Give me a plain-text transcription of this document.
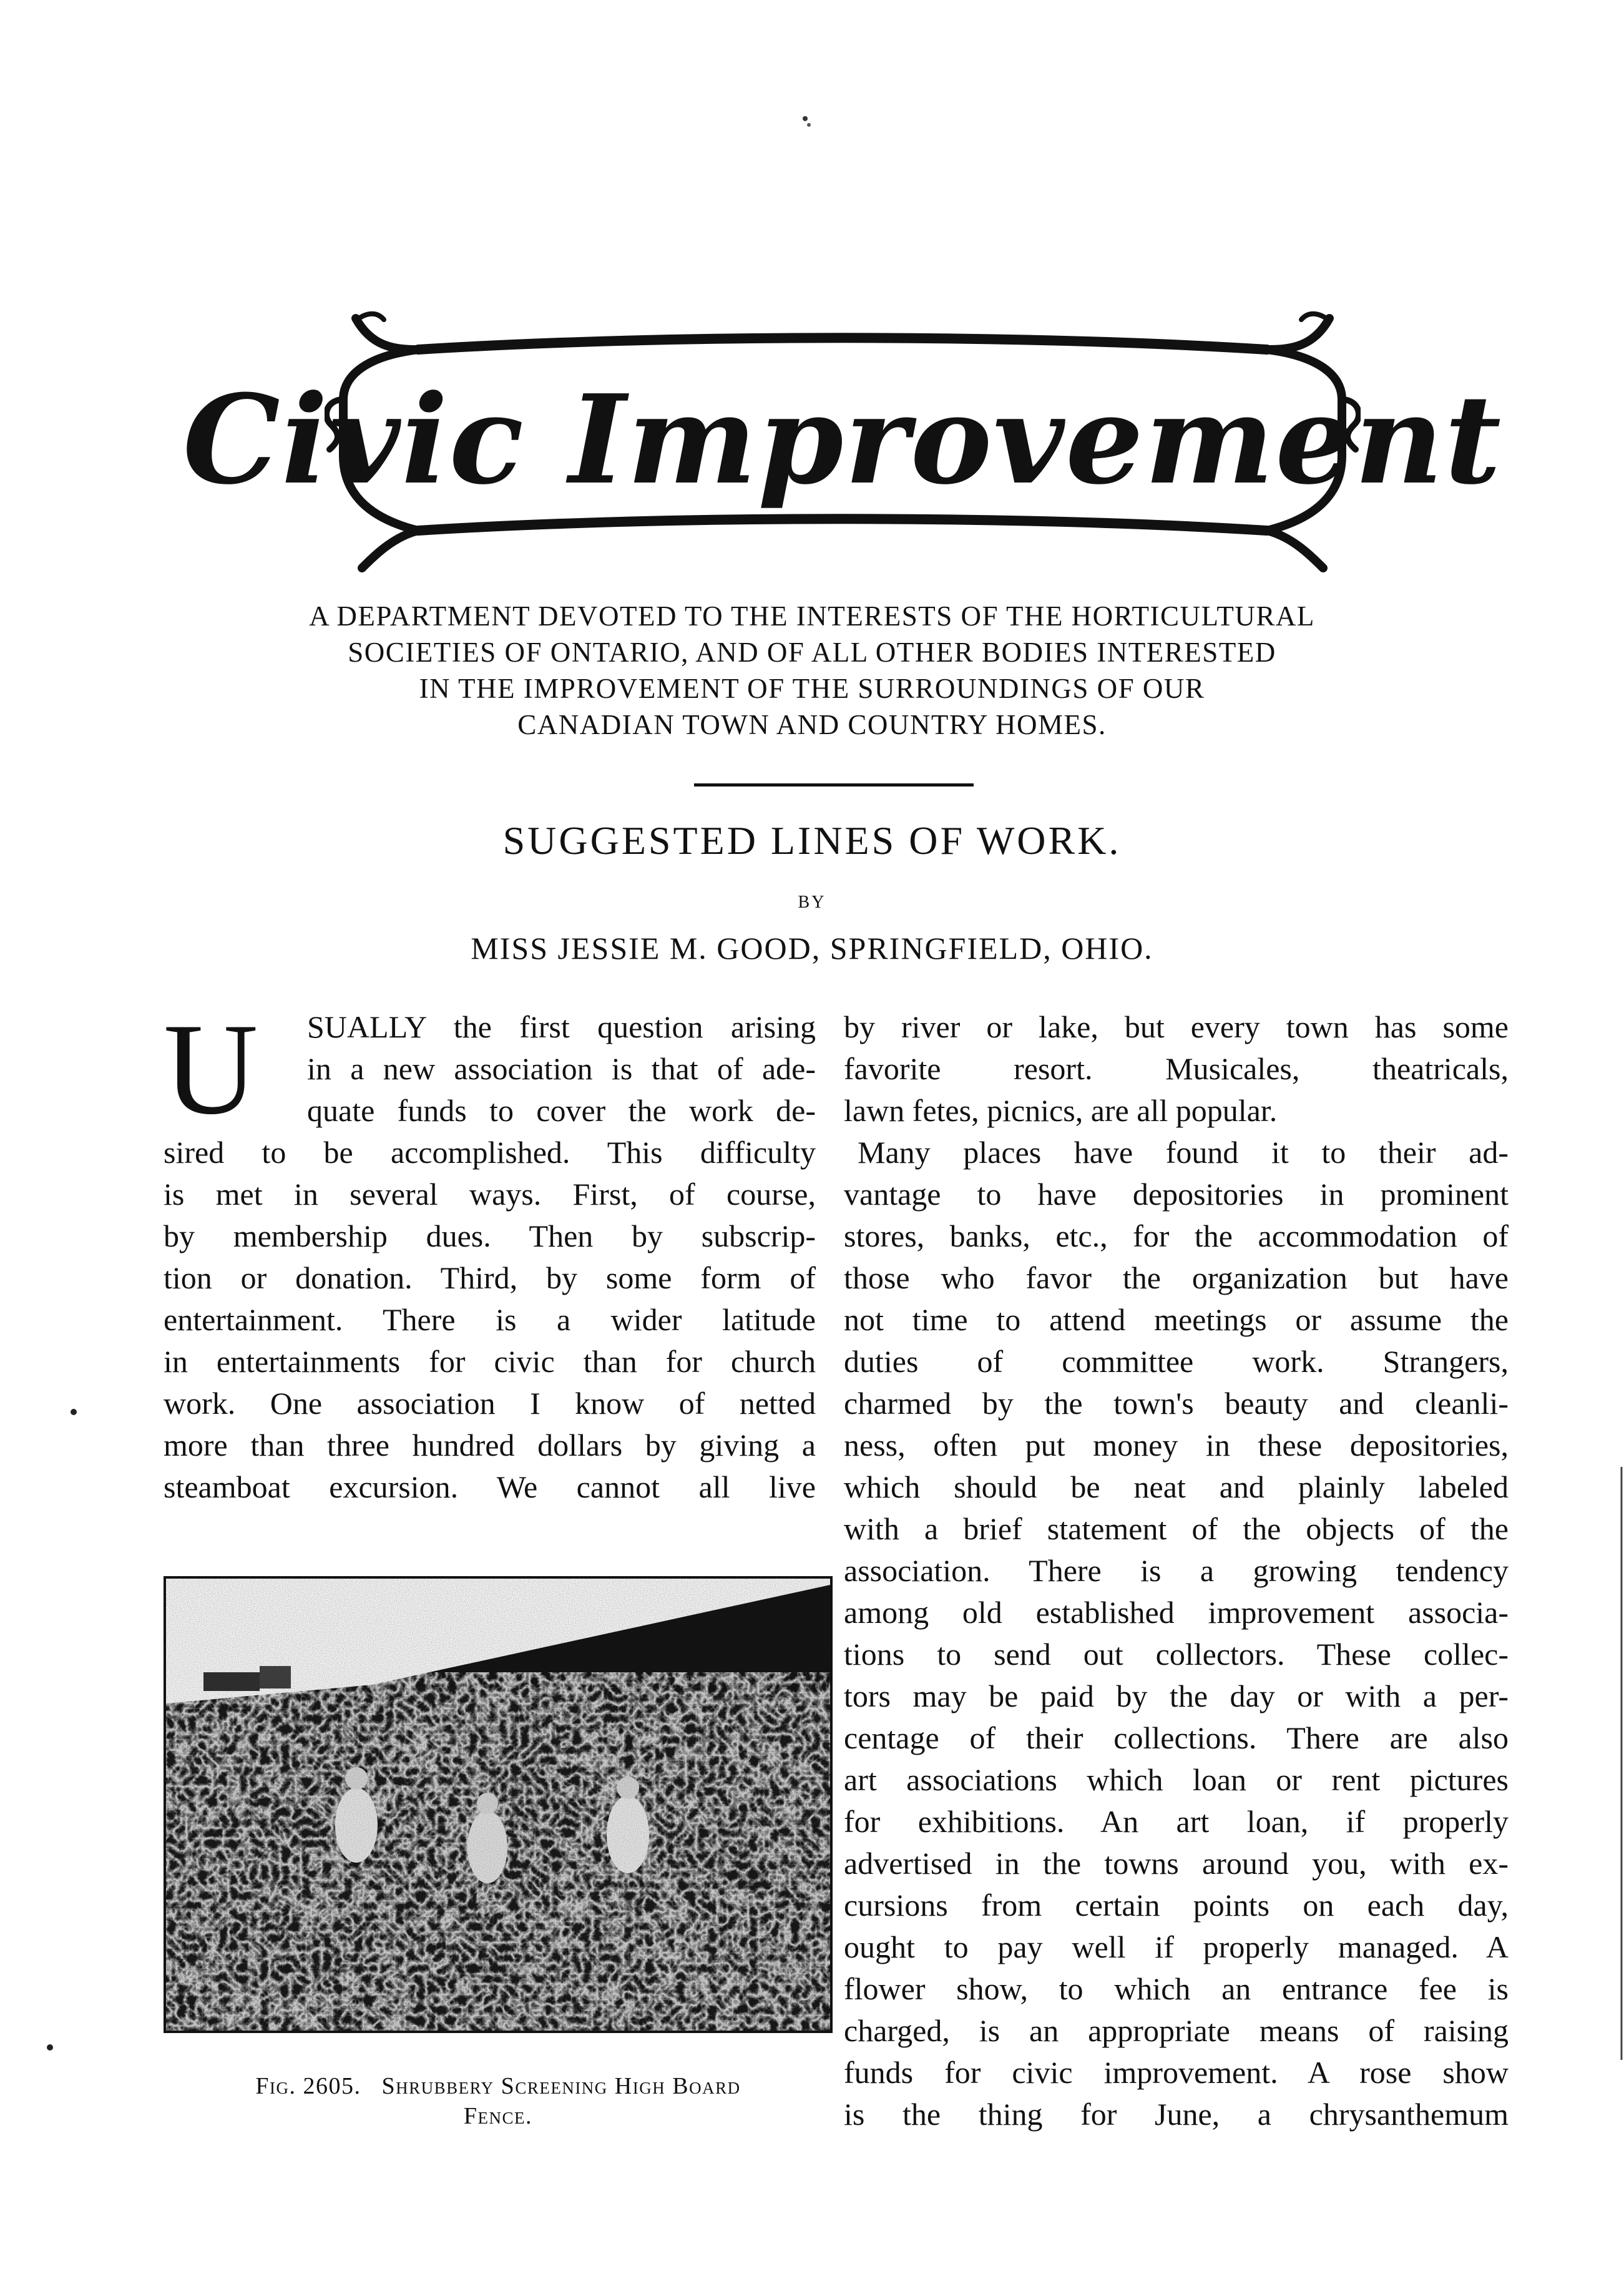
Civic Improvement
A DEPARTMENT DEVOTED TO THE INTERESTS OF THE HORTICULTURAL
SOCIETIES OF ONTARIO, AND OF ALL OTHER BODIES INTERESTED
IN THE IMPROVEMENT OF THE SURROUNDINGS OF OUR
CANADIAN TOWN AND COUNTRY HOMES.
SUGGESTED LINES OF WORK.
BY
MISS JESSIE M. GOOD, SPRINGFIELD, OHIO.
U	SUALLY the first question arising
in a new association is that of ade-
quate funds to cover the work de-
sired to be accomplished. This difficulty
is met in several ways. First, of course,
by membership dues. Then by subscrip-
tion or donation. Third, by some form of
entertainment. There is a wider latitude
in entertainments for civic than for church
work. One association I know of netted
more than three hundred dollars by giving a
steamboat excursion. We cannot all live
by river or lake, but every town has some
favorite resort. Musicales, theatricals,
lawn fetes, picnics, are all popular.
Many places have found it to their ad-
vantage to have depositories in prominent
stores, banks, etc., for the accommodation of
those who favor the organization but have
not time to attend meetings or assume the
duties of committee work. Strangers,
charmed by the town's beauty and cleanli-
ness, often put money in these depositories,
which should be neat and plainly labeled
with a brief statement of the objects of the
association. There is a growing tendency
among old established improvement associa-
tions to send out collectors. These collec-
tors may be paid by the day or with a per-
centage of their collections. There are also
art associations which loan or rent pictures
for exhibitions. An art loan, if properly
advertised in the towns around you, with ex-
cursions from certain points on each day,
ought to pay well if properly managed. A
flower show, to which an entrance fee is
charged, is an appropriate means of raising
funds for civic improvement. A rose show
is the thing for June, a chrysanthemum
Fig. 2605.   Shrubbery Screening High Board
Fence.
